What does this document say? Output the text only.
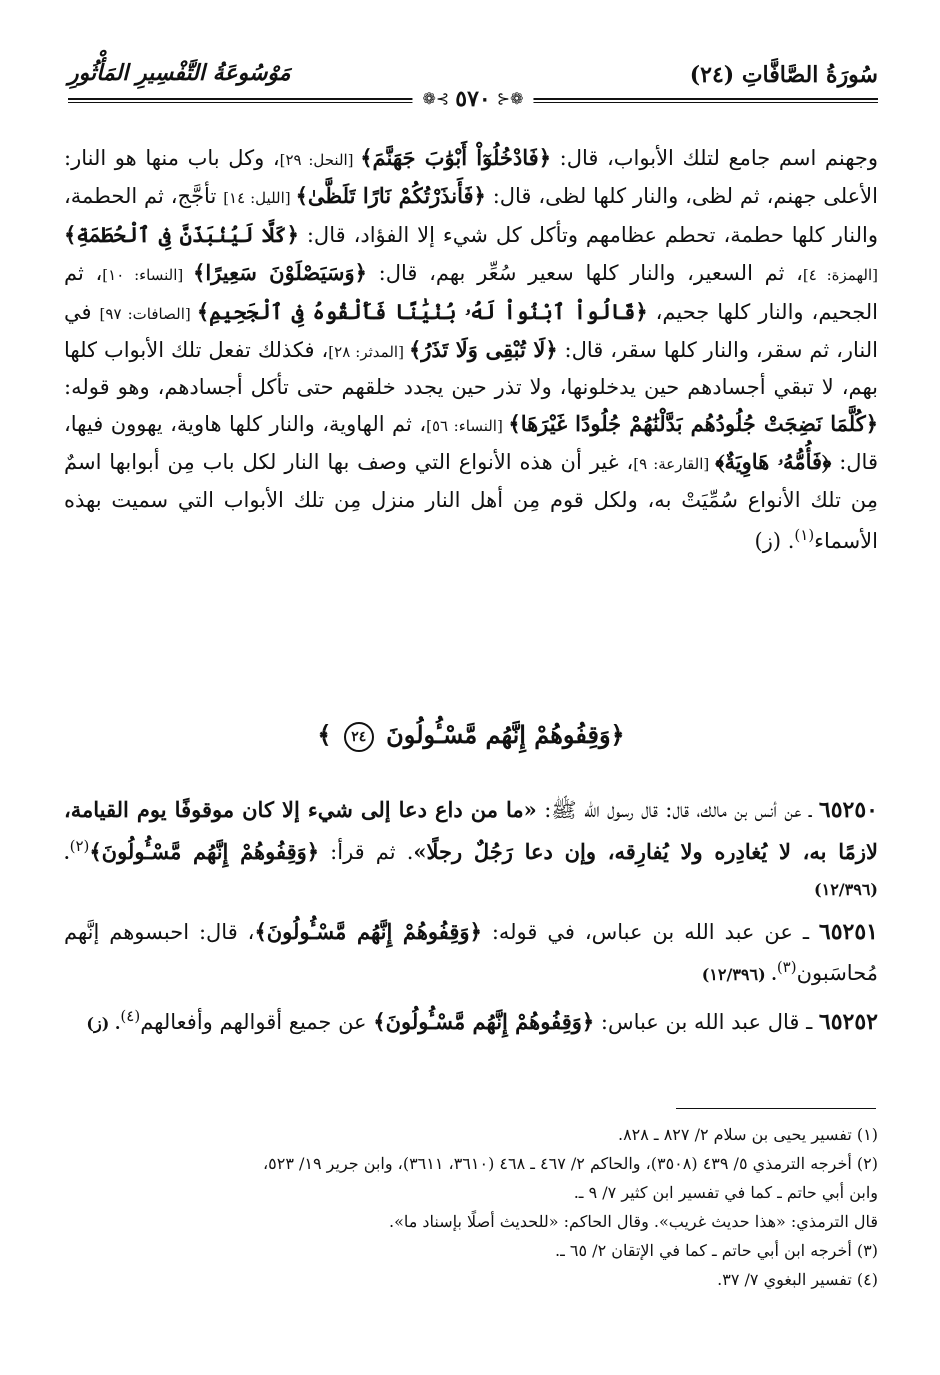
سُورَةُ الصَّافَّاتِ (٢٤)
مَوْسُوعَةُ التَّفْسِيرِ المَأْثُورِ
❁⊰
٥٧٠
⊱❁

وجهنم اسم جامع لتلك الأبواب، قال: ﴿فَادْخُلُوٓاْ أَبْوَٰبَ جَهَنَّمَ﴾ [النحل: ٢٩]، وكل باب منها هو النار: الأعلى جهنم، ثم لظى، والنار كلها لظى، قال: ﴿فَأَنذَرْتُكُمْ نَارًا تَلَظَّىٰ﴾ [الليل: ١٤] تأجَّج، ثم الحطمة، والنار كلها حطمة، تحطم عظامهم وتأكل كل شيء إلا الفؤاد، قال: ﴿كَلَّا لَيُنۢبَذَنَّ فِى ٱلْحُطَمَةِ﴾ [الهمزة: ٤]، ثم السعير، والنار كلها سعير سُعِّر بهم، قال: ﴿وَسَيَصْلَوْنَ سَعِيرًا﴾ [النساء: ١٠]، ثم الجحيم، والنار كلها جحيم، ﴿قَالُواْ ٱبْنُواْ لَهُۥ بُنْيَٰنًا فَأَلْقُوهُ فِى ٱلْجَحِيمِ﴾ [الصافات: ٩٧] في النار، ثم سقر، والنار كلها سقر، قال: ﴿لَا تُبْقِى وَلَا تَذَرُ﴾ [المدثر: ٢٨]، فكذلك تفعل تلك الأبواب كلها بهم، لا تبقي أجسادهم حين يدخلونها، ولا تذر حين يجدد خلقهم حتى تأكل أجسادهم، وهو قوله: ﴿كُلَّمَا نَضِجَتْ جُلُودُهُم بَدَّلْنَٰهُمْ جُلُودًا غَيْرَهَا﴾ [النساء: ٥٦]، ثم الهاوية، والنار كلها هاوية، يهوون فيها، قال: ﴿فَأُمُّهُۥ هَاوِيَةٌ﴾ [القارعة: ٩]، غير أن هذه الأنواع التي وصف بها النار لكل باب مِن أبوابها اسمٌ مِن تلك الأنواع سُمِّيَتْ به، ولكل قوم مِن أهل النار منزل مِن تلك الأبواب التي سميت بهذه الأسماء$^{(١)}$. (ز)

﴿وَقِفُوهُمْ إِنَّهُم مَّسْـُٔولُونَ ٢٤ ﴾

٦٥٢٥٠ ـ عن أنس بن مالك، قال: قال رسول الله ﷺ: «ما من داع دعا إلى شيء إلا كان موقوفًا يوم القيامة، لازمًا به، لا يُغادِره ولا يُفارِقه، وإن دعا رَجُلٌ رجلًا». ثم قرأ: ﴿وَقِفُوهُمْ إِنَّهُم مَّسْـُٔولُونَ﴾$^{(٢)}$. (١٢/٣٩٦)

٦٥٢٥١ ـ عن عبد الله بن عباس، في قوله: ﴿وَقِفُوهُمْ إِنَّهُم مَّسْـُٔولُونَ﴾، قال: احبسوهم إنَّهم مُحاسَبون$^{(٣)}$. (١٢/٣٩٦)

٦٥٢٥٢ ـ قال عبد الله بن عباس: ﴿وَقِفُوهُمْ إِنَّهُم مَّسْـُٔولُونَ﴾ عن جميع أقوالهم وأفعالهم$^{(٤)}$. (ز)

(١) تفسير يحيى بن سلام ٢/ ٨٢٧ ـ ٨٢٨.

(٢) أخرجه الترمذي ٥/ ٤٣٩ (٣٥٠٨)، والحاكم ٢/ ٤٦٧ ـ ٤٦٨ (٣٦١٠، ٣٦١١)، وابن جرير ١٩/ ٥٢٣،

وابن أبي حاتم ـ كما في تفسير ابن كثير ٧/ ٩ ـ.

قال الترمذي: «هذا حديث غريب». وقال الحاكم: «للحديث أصلًا بإسناد ما».

(٣) أخرجه ابن أبي حاتم ـ كما في الإتقان ٢/ ٦٥ ـ.

(٤) تفسير البغوي ٧/ ٣٧.
